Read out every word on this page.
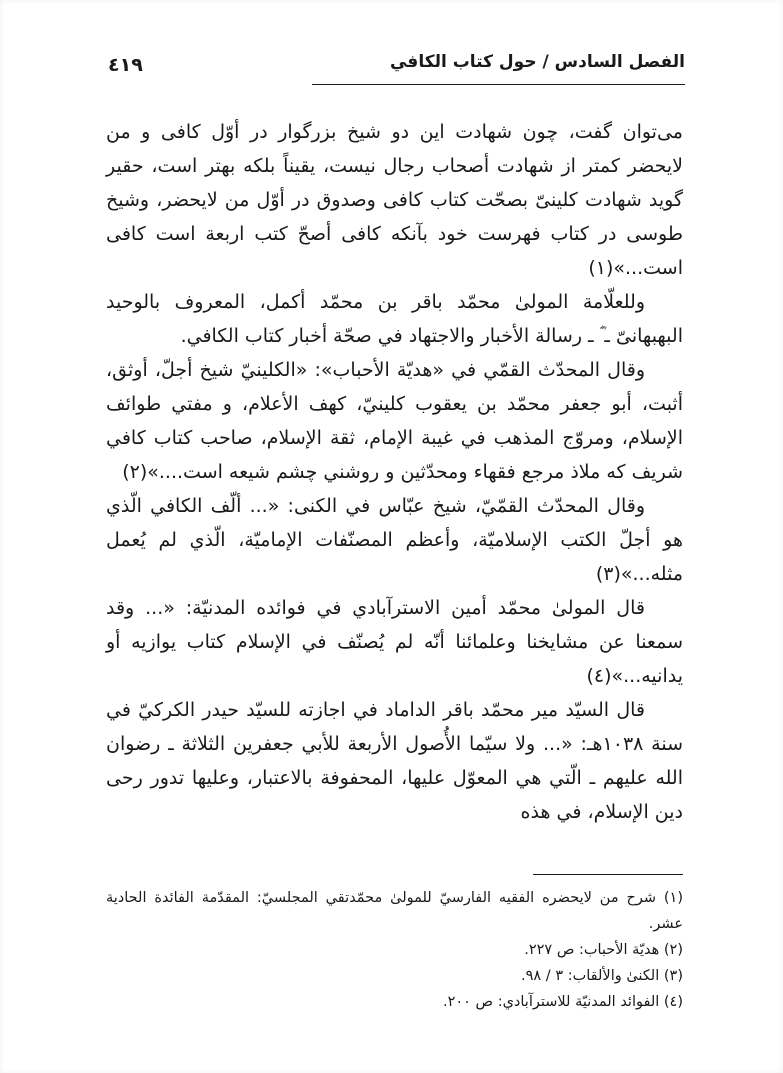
الفصل السادس / حول كتاب الكافي
٤١٩

می‌توان گفت، چون شهادت این دو شیخ بزرگوار در أوّل کافی و من لایحضر کمتر از شهادت أصحاب رجال نیست، یقیناً بلکه بهتر است، حقیر گوید شهادت کلینیّ بصحّت کتاب کافی وصدوق در أوّل من لایحضر، وشیخ طوسی در کتاب فهرست خود بآنکه کافی أصحّ کتب اربعة است کافی است...»(١)

وللعلّامة المولىٰ محمّد باقر بن محمّد أکمل، المعروف بالوحید البهبهانیّ ـ ؓ ـ رسالة الأخبار والاجتهاد في صحّة أخبار کتاب الکافي.

وقال المحدّث القمّي في «هديّة الأحباب»: «الكلينيّ شيخ أجلّ، أوثق، أثبت، أبو جعفر محمّد بن يعقوب كلينيّ، كهف الأعلام، و مفتي طوائف الإسلام، ومروّج المذهب في غيبة الإمام، ثقة الإسلام، صاحب كتاب كافي شريف كه ملاذ مرجع فقهاء ومحدّثين و روشني چشم شيعه است....»(٢)

وقال المحدّث القمّيّ، شيخ عبّاس في الكنى: «... ألّف الكافي الّذي هو أجلّ الكتب الإسلاميّة، وأعظم المصنّفات الإماميّة، الّذي لم يُعمل مثله...»(٣)

قال المولىٰ محمّد أمين الاسترآبادي في فوائده المدنيّة: «... وقد سمعنا عن مشايخنا وعلمائنا أنّه لم يُصنّف في الإسلام كتاب يوازيه أو يدانيه...»(٤)

قال السيّد مير محمّد باقر الداماد في اجازته للسيّد حيدر الكركيّ في سنة ١٠٣٨هـ: «... ولا سيّما الأُصول الأربعة للأبي جعفرين الثلاثة ـ رضوان الله عليهم ـ الّتي هي المعوّل عليها، المحفوفة بالاعتبار، وعليها تدور رحى دين الإسلام، في هذه

(١) شرح من لايحضره الفقيه الفارسيّ للمولىٰ محمّدتقي المجلسيّ: المقدّمة الفائدة الحادية عشر.

(٢) هديّة الأحباب: ص ٢٢٧.

(٣) الكنىٰ والألقاب: ٣ / ٩٨.

(٤) الفوائد المدنيّة للاسترآبادي: ص ٢٠٠.
